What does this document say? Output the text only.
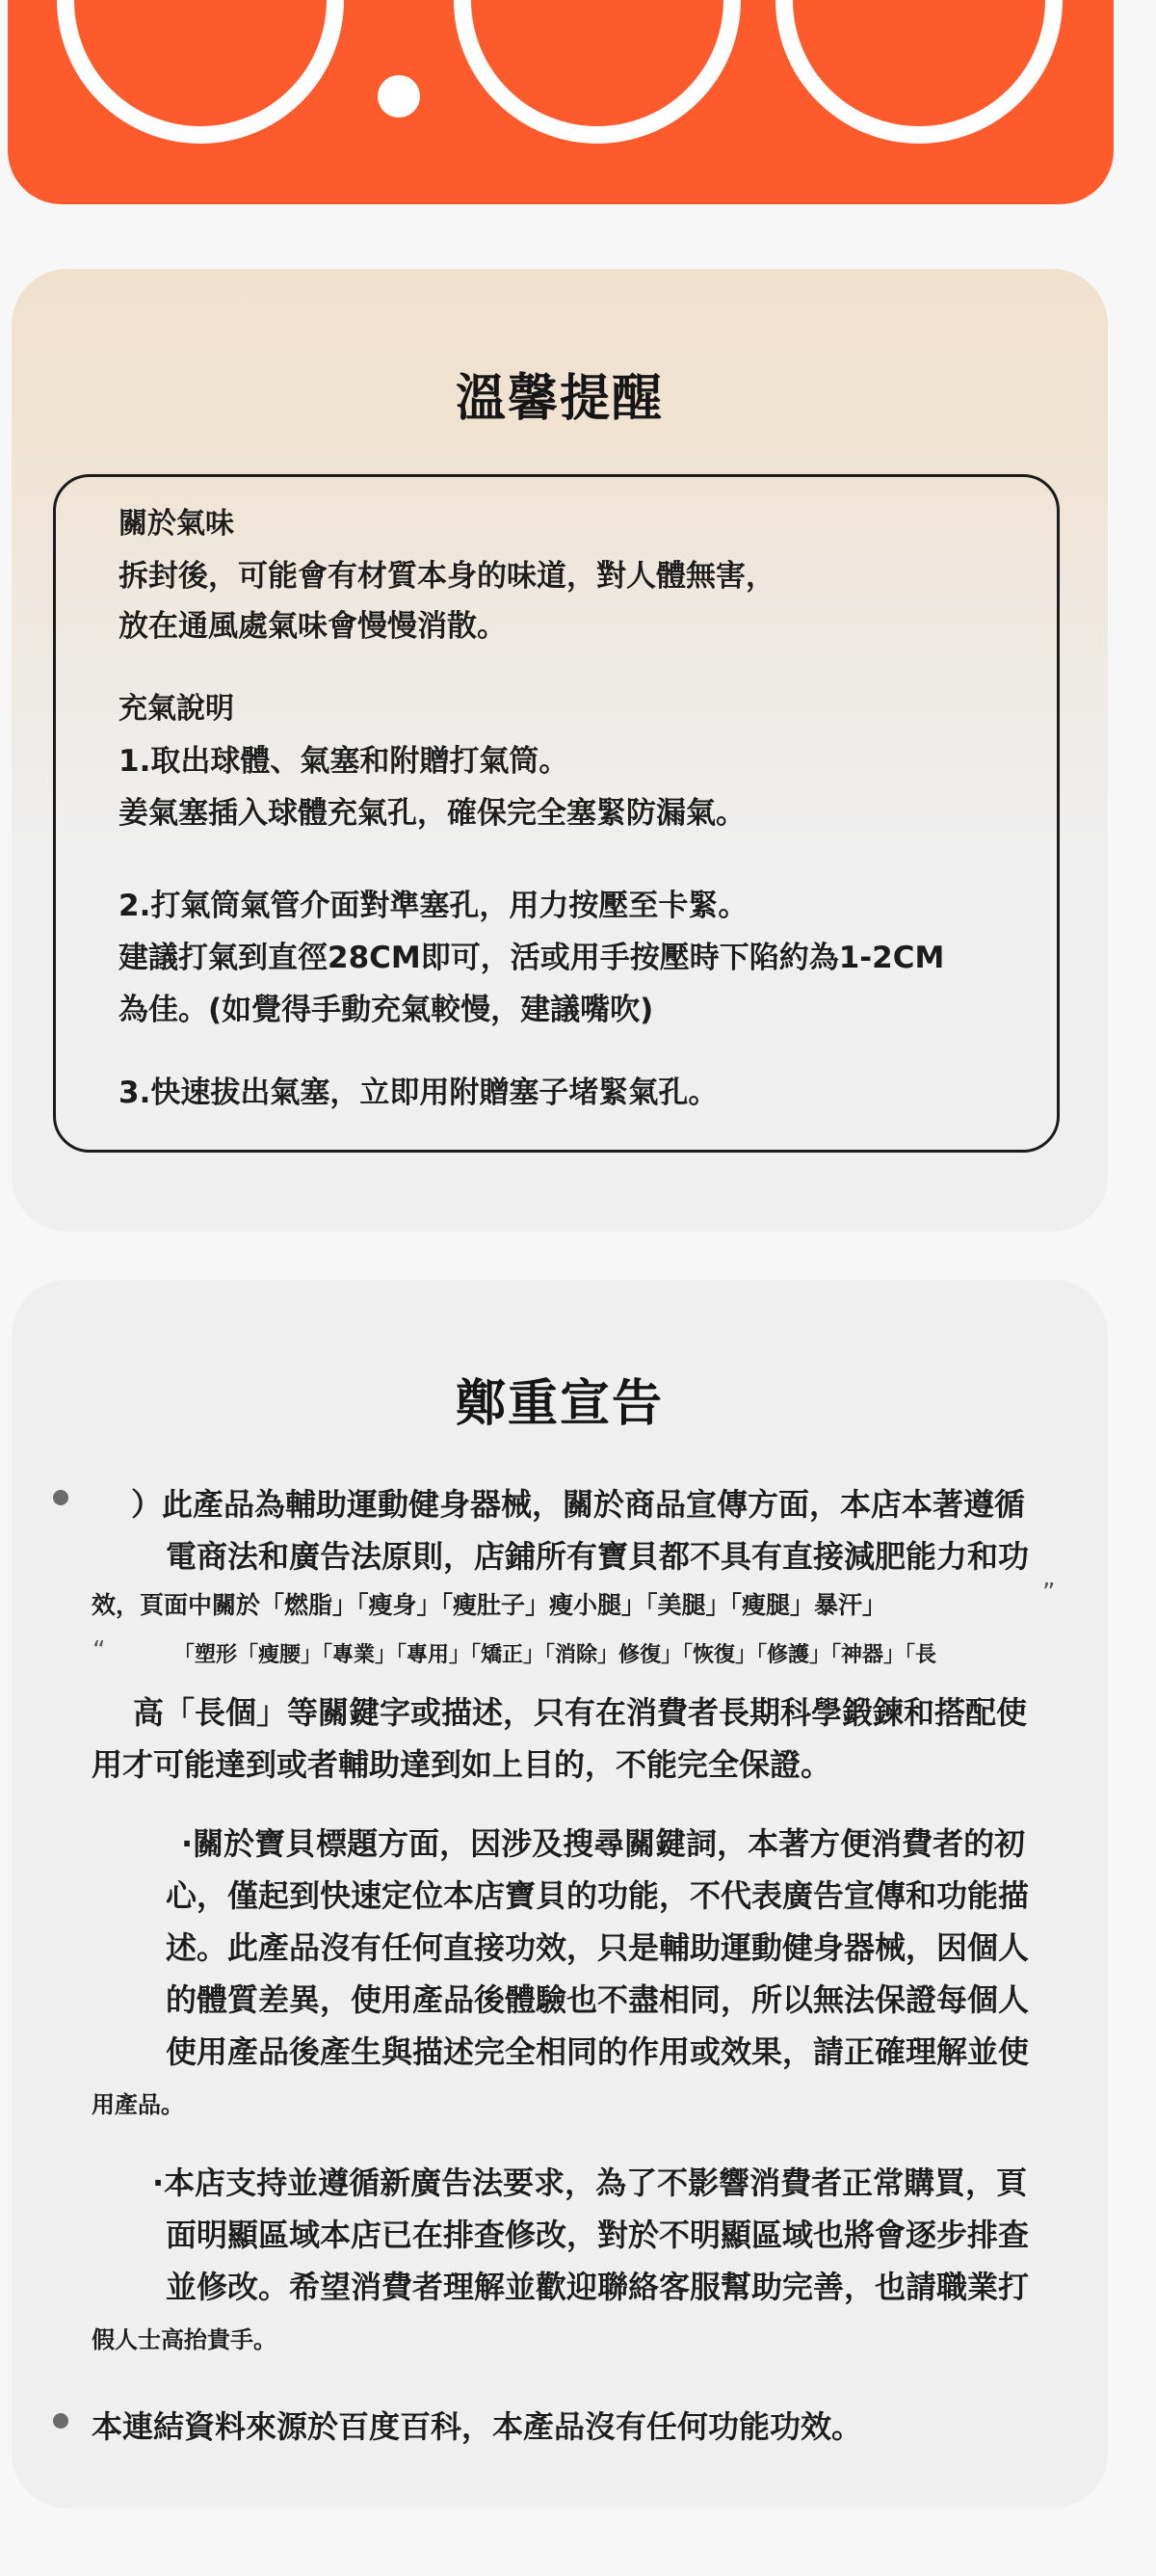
溫馨提醒

關於氣味

拆封後，可能會有材質本身的味道，對人體無害，

放在通風處氣味會慢慢消散。

充氣說明

1.取出球體、氣塞和附贈打氣筒。

姜氣塞插入球體充氣孔，確保完全塞緊防漏氣。

2.打氣筒氣管介面對準塞孔，用力按壓至卡緊。

建議打氣到直徑28CM即可，活或用手按壓時下陷約為1-2CM

為佳。(如覺得手動充氣較慢，建議嘴吹)

3.快速拔出氣塞，立即用附贈塞子堵緊氣孔。

鄭重宣告

）此產品為輔助運動健身器械，關於商品宣傳方面，本店本著遵循

電商法和廣告法原則，店鋪所有寶貝都不具有直接減肥能力和功

效，頁面中關於「燃脂」「瘦身」「瘦肚子」瘦小腿」「美腿」「瘦腿」暴汗」	”
“	「塑形「瘦腰」「專業」「專用」「矯正」「消除」修復」「恢復」「修護」「神器」「長

高「長個」等關鍵字或描述，只有在消費者長期科學鍛鍊和搭配使

用才可能達到或者輔助達到如上目的，不能完全保證。

·關於寶貝標題方面，因涉及搜尋關鍵詞，本著方便消費者的初

心，僅起到快速定位本店寶貝的功能，不代表廣告宣傳和功能描

述。此產品沒有任何直接功效，只是輔助運動健身器械，因個人

的體質差異，使用產品後體驗也不盡相同，所以無法保證每個人

使用產品後產生與描述完全相同的作用或效果，請正確理解並使

用產品。

·本店支持並遵循新廣告法要求，為了不影響消費者正常購買，頁

面明顯區域本店已在排查修改，對於不明顯區域也將會逐步排查

並修改。希望消費者理解並歡迎聯絡客服幫助完善，也請職業打

假人士高抬貴手。

本連結資料來源於百度百科，本產品沒有任何功能功效。
